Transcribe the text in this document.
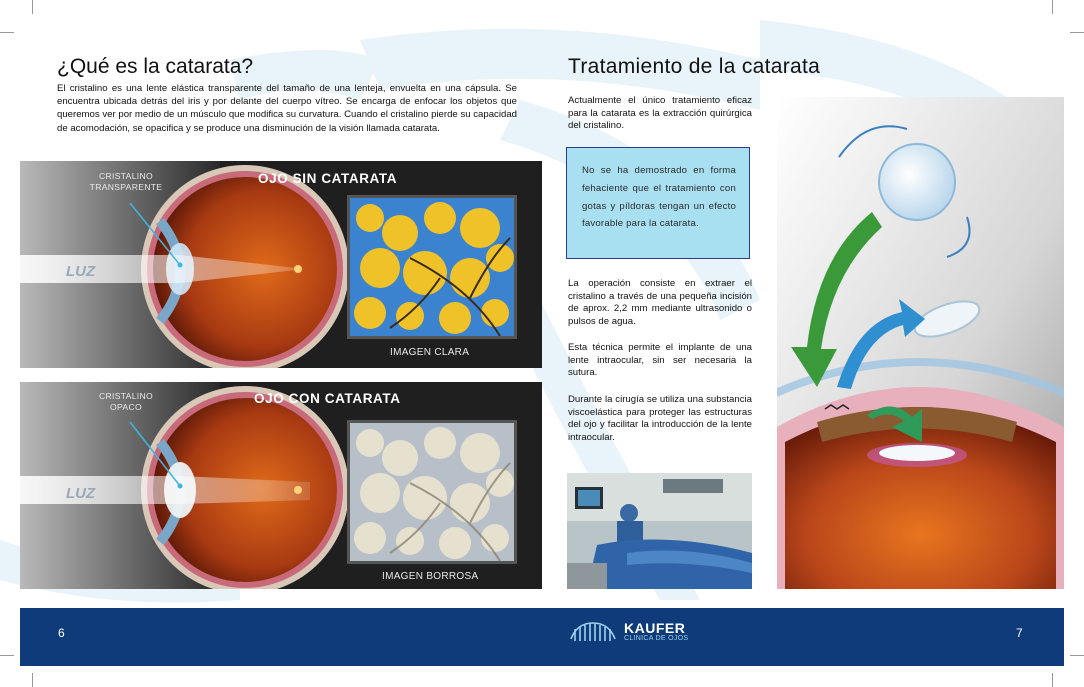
¿Qué es la catarata?

El cristalino es una lente elástica transparente del tamaño de una lenteja, envuelta en una cápsula. Se encuentra ubicada detrás del iris y por delante del cuerpo vítreo. Se encarga de enfocar los objetos que queremos ver por medio de un músculo que modifica su curvatura. Cuando el cristalino pierde su capacidad de acomodación, se opacifica y se produce una disminución de la visión llamada catarata.

OJO SIN CATARATA
CRISTALINO
TRANSPARENTE
LUZ
IMAGEN CLARA
OJO CON CATARATA
CRISTALINO
OPACO
LUZ
IMAGEN BORROSA
Tratamiento de la catarata
Actualmente el único tratamiento eficaz para la catarata es la extracción quirúrgica del cristalino.
No se ha demostrado en forma fehaciente que el tratamiento con gotas y píldoras tengan un efecto favorable para la catarata.
La operación consiste en extraer el cristalino a través de una pequeña incisión de aprox. 2,2 mm mediante ultrasonido o pulsos de agua.
Esta técnica permite el implante de una lente intraocular, sin ser necesaria la sutura.
Durante la cirugía se utiliza una substancia viscoelástica para proteger las estructuras del ojo y facilitar la introducción de la lente intraocular.
6	7
KAUFER
CLINICA DE OJOS
